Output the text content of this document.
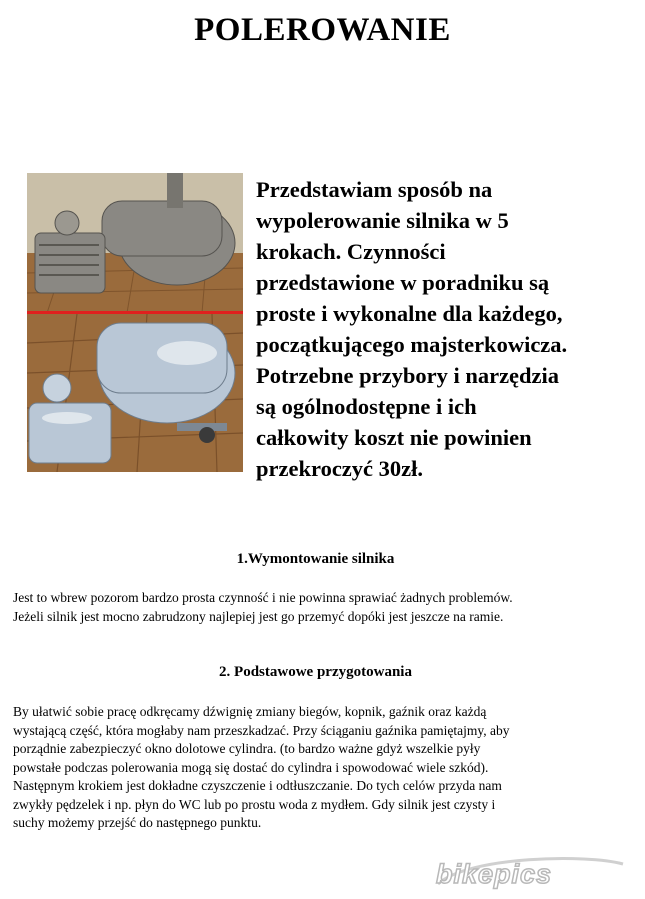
POLEROWANIE
Przedstawiam sposób na
wypolerowanie silnika w 5
krokach. Czynności
przedstawione w poradniku są
proste i wykonalne dla każdego,
początkującego majsterkowicza.
Potrzebne przybory i narzędzia
są ogólnodostępne i ich
całkowity koszt nie powinien
przekroczyć 30zł.
1.Wymontowanie silnika
Jest to wbrew pozorom bardzo prosta czynność i nie powinna sprawiać żadnych problemów.
Jeżeli silnik jest mocno zabrudzony najlepiej jest go przemyć dopóki jest jeszcze na ramie.
2. Podstawowe przygotowania
By ułatwić sobie pracę odkręcamy dźwignię zmiany biegów, kopnik, gaźnik oraz każdą
wystającą część, która mogłaby nam przeszkadzać. Przy ściąganiu gaźnika pamiętajmy, aby
porządnie zabezpieczyć okno dolotowe cylindra. (to bardzo ważne gdyż wszelkie pyły
powstałe podczas polerowania mogą się dostać do cylindra i spowodować wiele szkód).
Następnym krokiem jest dokładne czyszczenie i odtłuszczanie. Do tych celów przyda nam
zwykły pędzelek i np. płyn do WC lub po prostu woda z mydłem. Gdy silnik jest czysty i
suchy możemy przejść do następnego punktu.
bikepics
